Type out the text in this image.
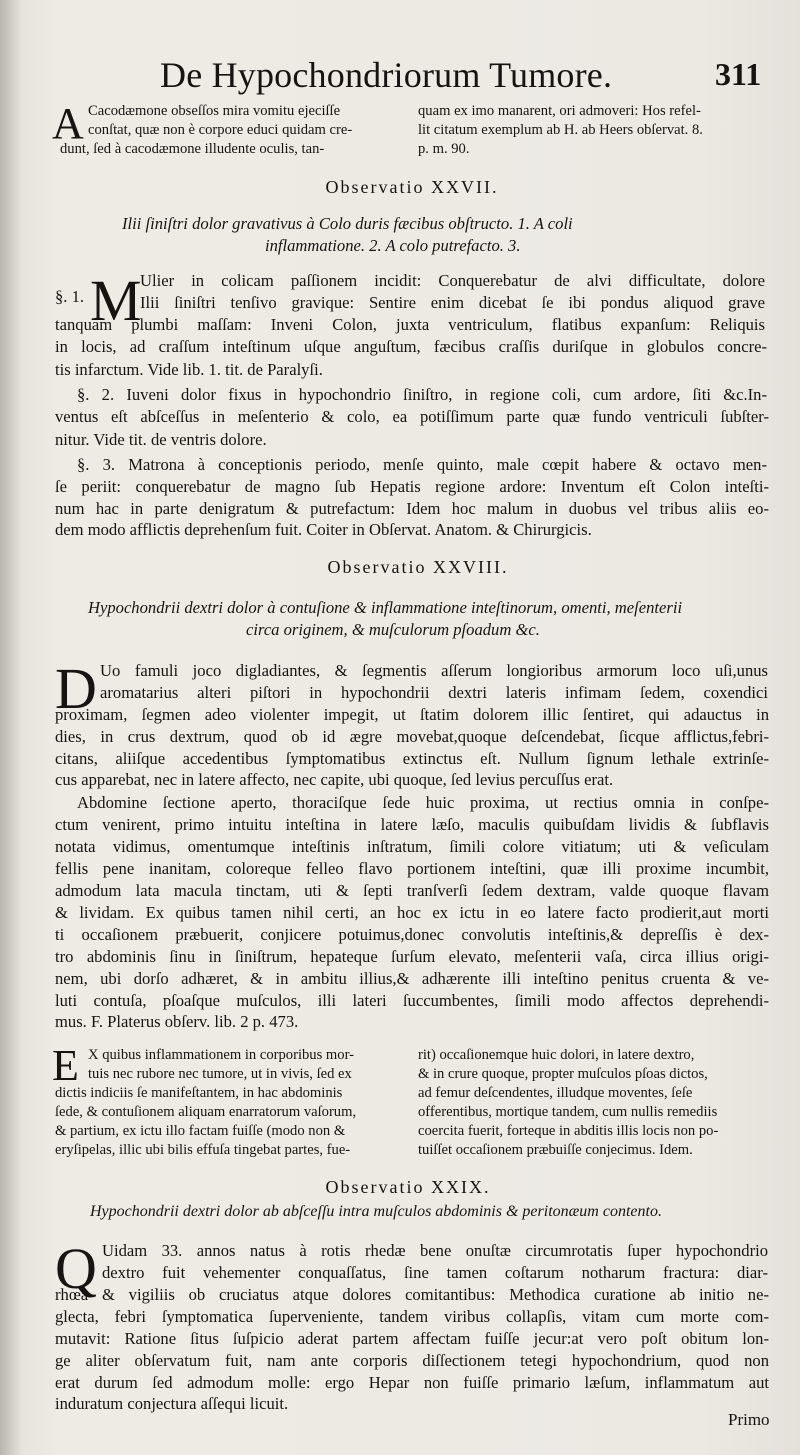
De Hypochondriorum Tumore.	311
A Cacodæmone obseſſos mira vomitu ejeciſſe
conſtat, quæ non è corpore educi quidam cre-
dunt, ſed à cacodæmone illudente oculis, tan-
quam ex imo manarent, ori admoveri: Hos refel-
lit citatum exemplum ab H. ab Heers obſervat. 8.
p. m. 90.
Observatio XXVII.
Ilii ſiniſtri dolor gravativus à Colo duris fæcibus obſtructo. 1. A coli
inflammatione. 2. A colo putrefacto. 3.
§. 1. M
Ulier in colicam paſſionem incidit: Conquerebatur de alvi difficultate, dolore
Ilii ſiniſtri tenſivo gravique: Sentire enim dicebat ſe ibi pondus aliquod grave
tanquam plumbi maſſam: Inveni Colon, juxta ventriculum, flatibus expanſum: Reliquis
in locis, ad craſſum inteſtinum uſque anguſtum, fæcibus craſſis duriſque in globulos concre-
tis infarctum. Vide lib. 1. tit. de Paralyſi.
§. 2. Iuveni dolor fixus in hypochondrio ſiniſtro, in regione coli, cum ardore, ſiti &c.In-
ventus eſt abſceſſus in meſenterio & colo, ea potiſſimum parte quæ fundo ventriculi ſubſter-
nitur. Vide tit. de ventris dolore.
§. 3. Matrona à conceptionis periodo, menſe quinto, male cœpit habere & octavo men-
ſe periit: conquerebatur de magno ſub Hepatis regione ardore: Inventum eſt Colon inteſti-
num hac in parte denigratum & putrefactum: Idem hoc malum in duobus vel tribus aliis eo-
dem modo afflictis deprehenſum fuit. Coiter in Obſervat. Anatom. & Chirurgicis.
Observatio XXVIII.
Hypochondrii dextri dolor à contuſione & inflammatione inteſtinorum, omenti, meſenterii
circa originem, & muſculorum pſoadum &c.
D Uo famuli joco digladiantes, & ſegmentis aſſerum longioribus armorum loco uſi,unus
aromatarius alteri piſtori in hypochondrii dextri lateris infimam ſedem, coxendici
proximam, ſegmen adeo violenter impegit, ut ſtatim dolorem illic ſentiret, qui adauctus in
dies, in crus dextrum, quod ob id ægre movebat,quoque deſcendebat, ſicque afflictus,febri-
citans, aliiſque accedentibus ſymptomatibus extinctus eſt. Nullum ſignum lethale extrinſe-
cus apparebat, nec in latere affecto, nec capite, ubi quoque, ſed levius percuſſus erat.
Abdomine ſectione aperto, thoraciſque ſede huic proxima, ut rectius omnia in conſpe-
ctum venirent, primo intuitu inteſtina in latere læſo, maculis quibuſdam lividis & ſubflavis
notata vidimus, omentumque inteſtinis inſtratum, ſimili colore vitiatum; uti & veſiculam
fellis pene inanitam, coloreque felleo flavo portionem inteſtini, quæ illi proxime incumbit,
admodum lata macula tinctam, uti & ſepti tranſverſi ſedem dextram, valde quoque flavam
& lividam. Ex quibus tamen nihil certi, an hoc ex ictu in eo latere facto prodierit,aut morti
ti occaſionem præbuerit, conjicere potuimus,donec convolutis inteſtinis,& depreſſis è dex-
tro abdominis ſinu in ſiniſtrum, hepateque ſurſum elevato, meſenterii vaſa, circa illius origi-
nem, ubi dorſo adhæret, & in ambitu illius,& adhærente illi inteſtino penitus cruenta & ve-
luti contuſa, pſoaſque muſculos, illi lateri ſuccumbentes, ſimili modo affectos deprehendi-
mus. F. Platerus obſerv. lib. 2 p. 473.
E X quibus inflammationem in corporibus mor-
tuis nec rubore nec tumore, ut in vivis, ſed ex
dictis indiciis ſe manifeſtantem, in hac abdominis
ſede, & contuſionem aliquam enarratorum vaſorum,
& partium, ex ictu illo factam fuiſſe (modo non &
eryſipelas, illic ubi bilis effuſa tingebat partes, fue-
rit) occaſionemque huic dolori, in latere dextro,
& in crure quoque, propter muſculos pſoas dictos,
ad femur deſcendentes, illudque moventes, ſeſe
offerentibus, mortique tandem, cum nullis remediis
coercita fuerit, forteque in abditis illis locis non po-
tuiſſet occaſionem præbuiſſe conjecimus. Idem.
Observatio XXIX.
Hypochondrii dextri dolor ab abſceſſu intra muſculos abdominis & peritonæum contento.
Q Uidam 33. annos natus à rotis rhedæ bene onuſtæ circumrotatis ſuper hypochondrio
dextro fuit vehementer conquaſſatus, ſine tamen coſtarum notharum fractura: diar-
rhœa & vigiliis ob cruciatus atque dolores comitantibus: Methodica curatione ab initio ne-
glecta, febri ſymptomatica ſuperveniente, tandem viribus collapſis, vitam cum morte com-
mutavit: Ratione ſitus ſuſpicio aderat partem affectam fuiſſe jecur:at vero poſt obitum lon-
ge aliter obſervatum fuit, nam ante corporis diſſectionem tetegi hypochondrium, quod non
erat durum ſed admodum molle: ergo Hepar non fuiſſe primario læſum, inflammatum aut
induratum conjectura aſſequi licuit.
Primo
